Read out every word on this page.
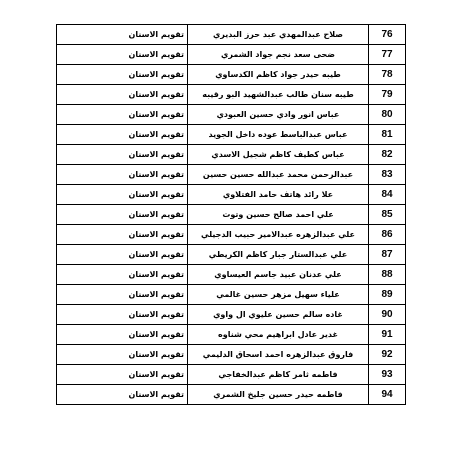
تقويم الاسنان	صلاح عبدالمهدي عبد حرز البديري	76
تقويم الاسنان	ضحى سعد نجم جواد الشمري	77
تقويم الاسنان	طيبه حيدر جواد كاظم الكدساوي	78
تقويم الاسنان	طيبه سنان طالب عبدالشهيد البو رقيبه	79
تقويم الاسنان	عباس انور وادي حسين العبودي	80
تقويم الاسنان	عباس عبدالباسط عوده داخل الجويد	81
تقويم الاسنان	عباس كطيف كاظم شجيل الاسدي	82
تقويم الاسنان	عبدالرحمن محمد عبدالله حسين حسين	83
تقويم الاسنان	علا رائد هاتف حامد الفتلاوي	84
تقويم الاسنان	علي احمد صالح حسين وتوت	85
تقويم الاسنان	علي عبدالزهره عبدالامير حبيب الدجيلي	86
تقويم الاسنان	علي عبدالستار جبار كاظم الكريطي	87
تقويم الاسنان	علي عدنان عبيد جاسم العيساوي	88
تقويم الاسنان	علياء سهيل مزهر حسين غالمي	89
تقويم الاسنان	غاده سالم حسين عليوي ال واوي	90
تقويم الاسنان	غدير عادل ابراهيم محي شناوه	91
تقويم الاسنان	فاروق عبدالزهره احمد اسحاق الدليمي	92
تقويم الاسنان	فاطمه ثامر كاظم عبدالخفاجي	93
تقويم الاسنان	فاطمه حيدر حسين جليخ الشمري	94
